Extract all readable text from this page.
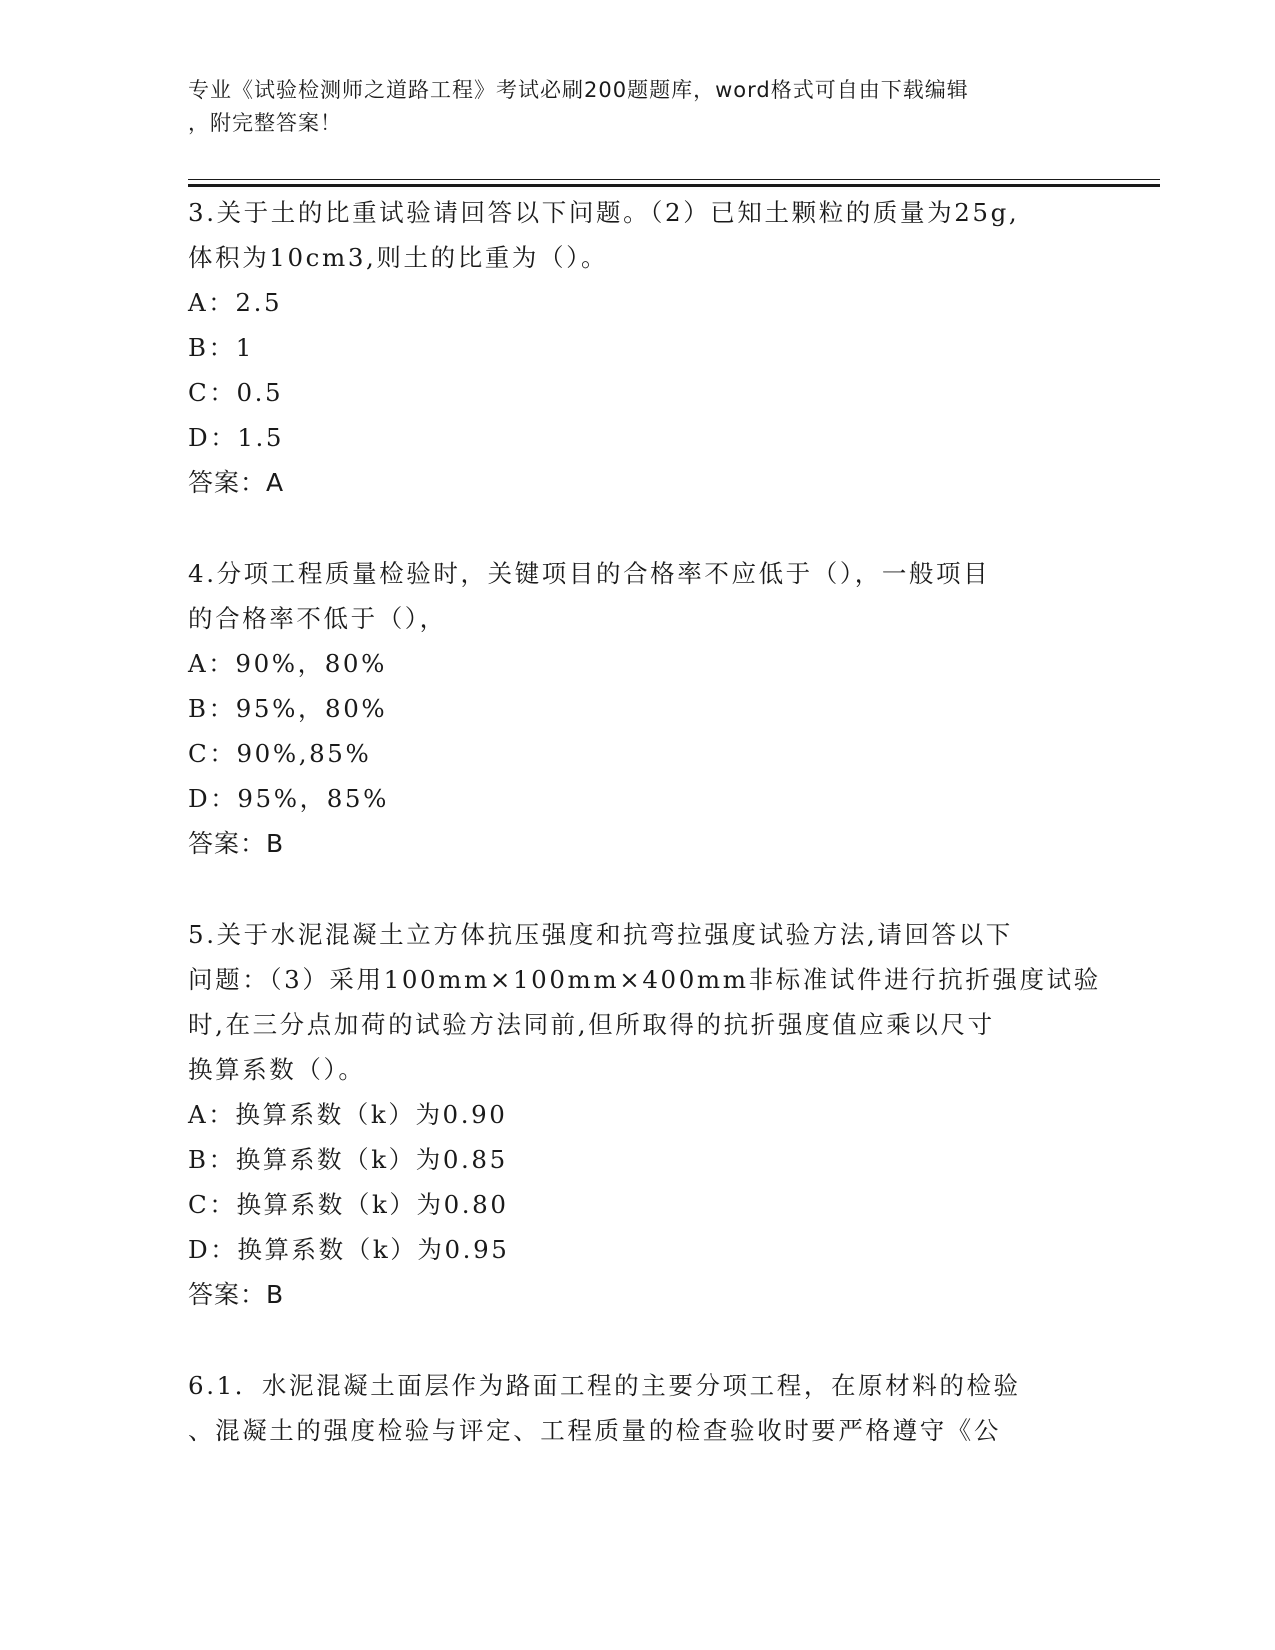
专业《试验检测师之道路工程》考试必刷200题题库，word格式可自由下载编辑
，附完整答案！
3.关于土的比重试验请回答以下问题。（2）已知土颗粒的质量为25g,
体积为10cm3,则土的比重为（）。
A：2.5
B：1
C：0.5
D：1.5
答案：A
4.分项工程质量检验时，关键项目的合格率不应低于（），一般项目
的合格率不低于（），
A：90%，80%
B：95%，80%
C：90%,85%
D：95%，85%
答案：B
5.关于水泥混凝土立方体抗压强度和抗弯拉强度试验方法,请回答以下
问题：（3）采用100mm×100mm×400mm非标准试件进行抗折强度试验
时,在三分点加荷的试验方法同前,但所取得的抗折强度值应乘以尺寸
换算系数（）。
A：换算系数（k）为0.90
B：换算系数（k）为0.85
C：换算系数（k）为0.80
D：换算系数（k）为0.95
答案：B
6.1．水泥混凝土面层作为路面工程的主要分项工程，在原材料的检验
、混凝土的强度检验与评定、工程质量的检查验收时要严格遵守《公
